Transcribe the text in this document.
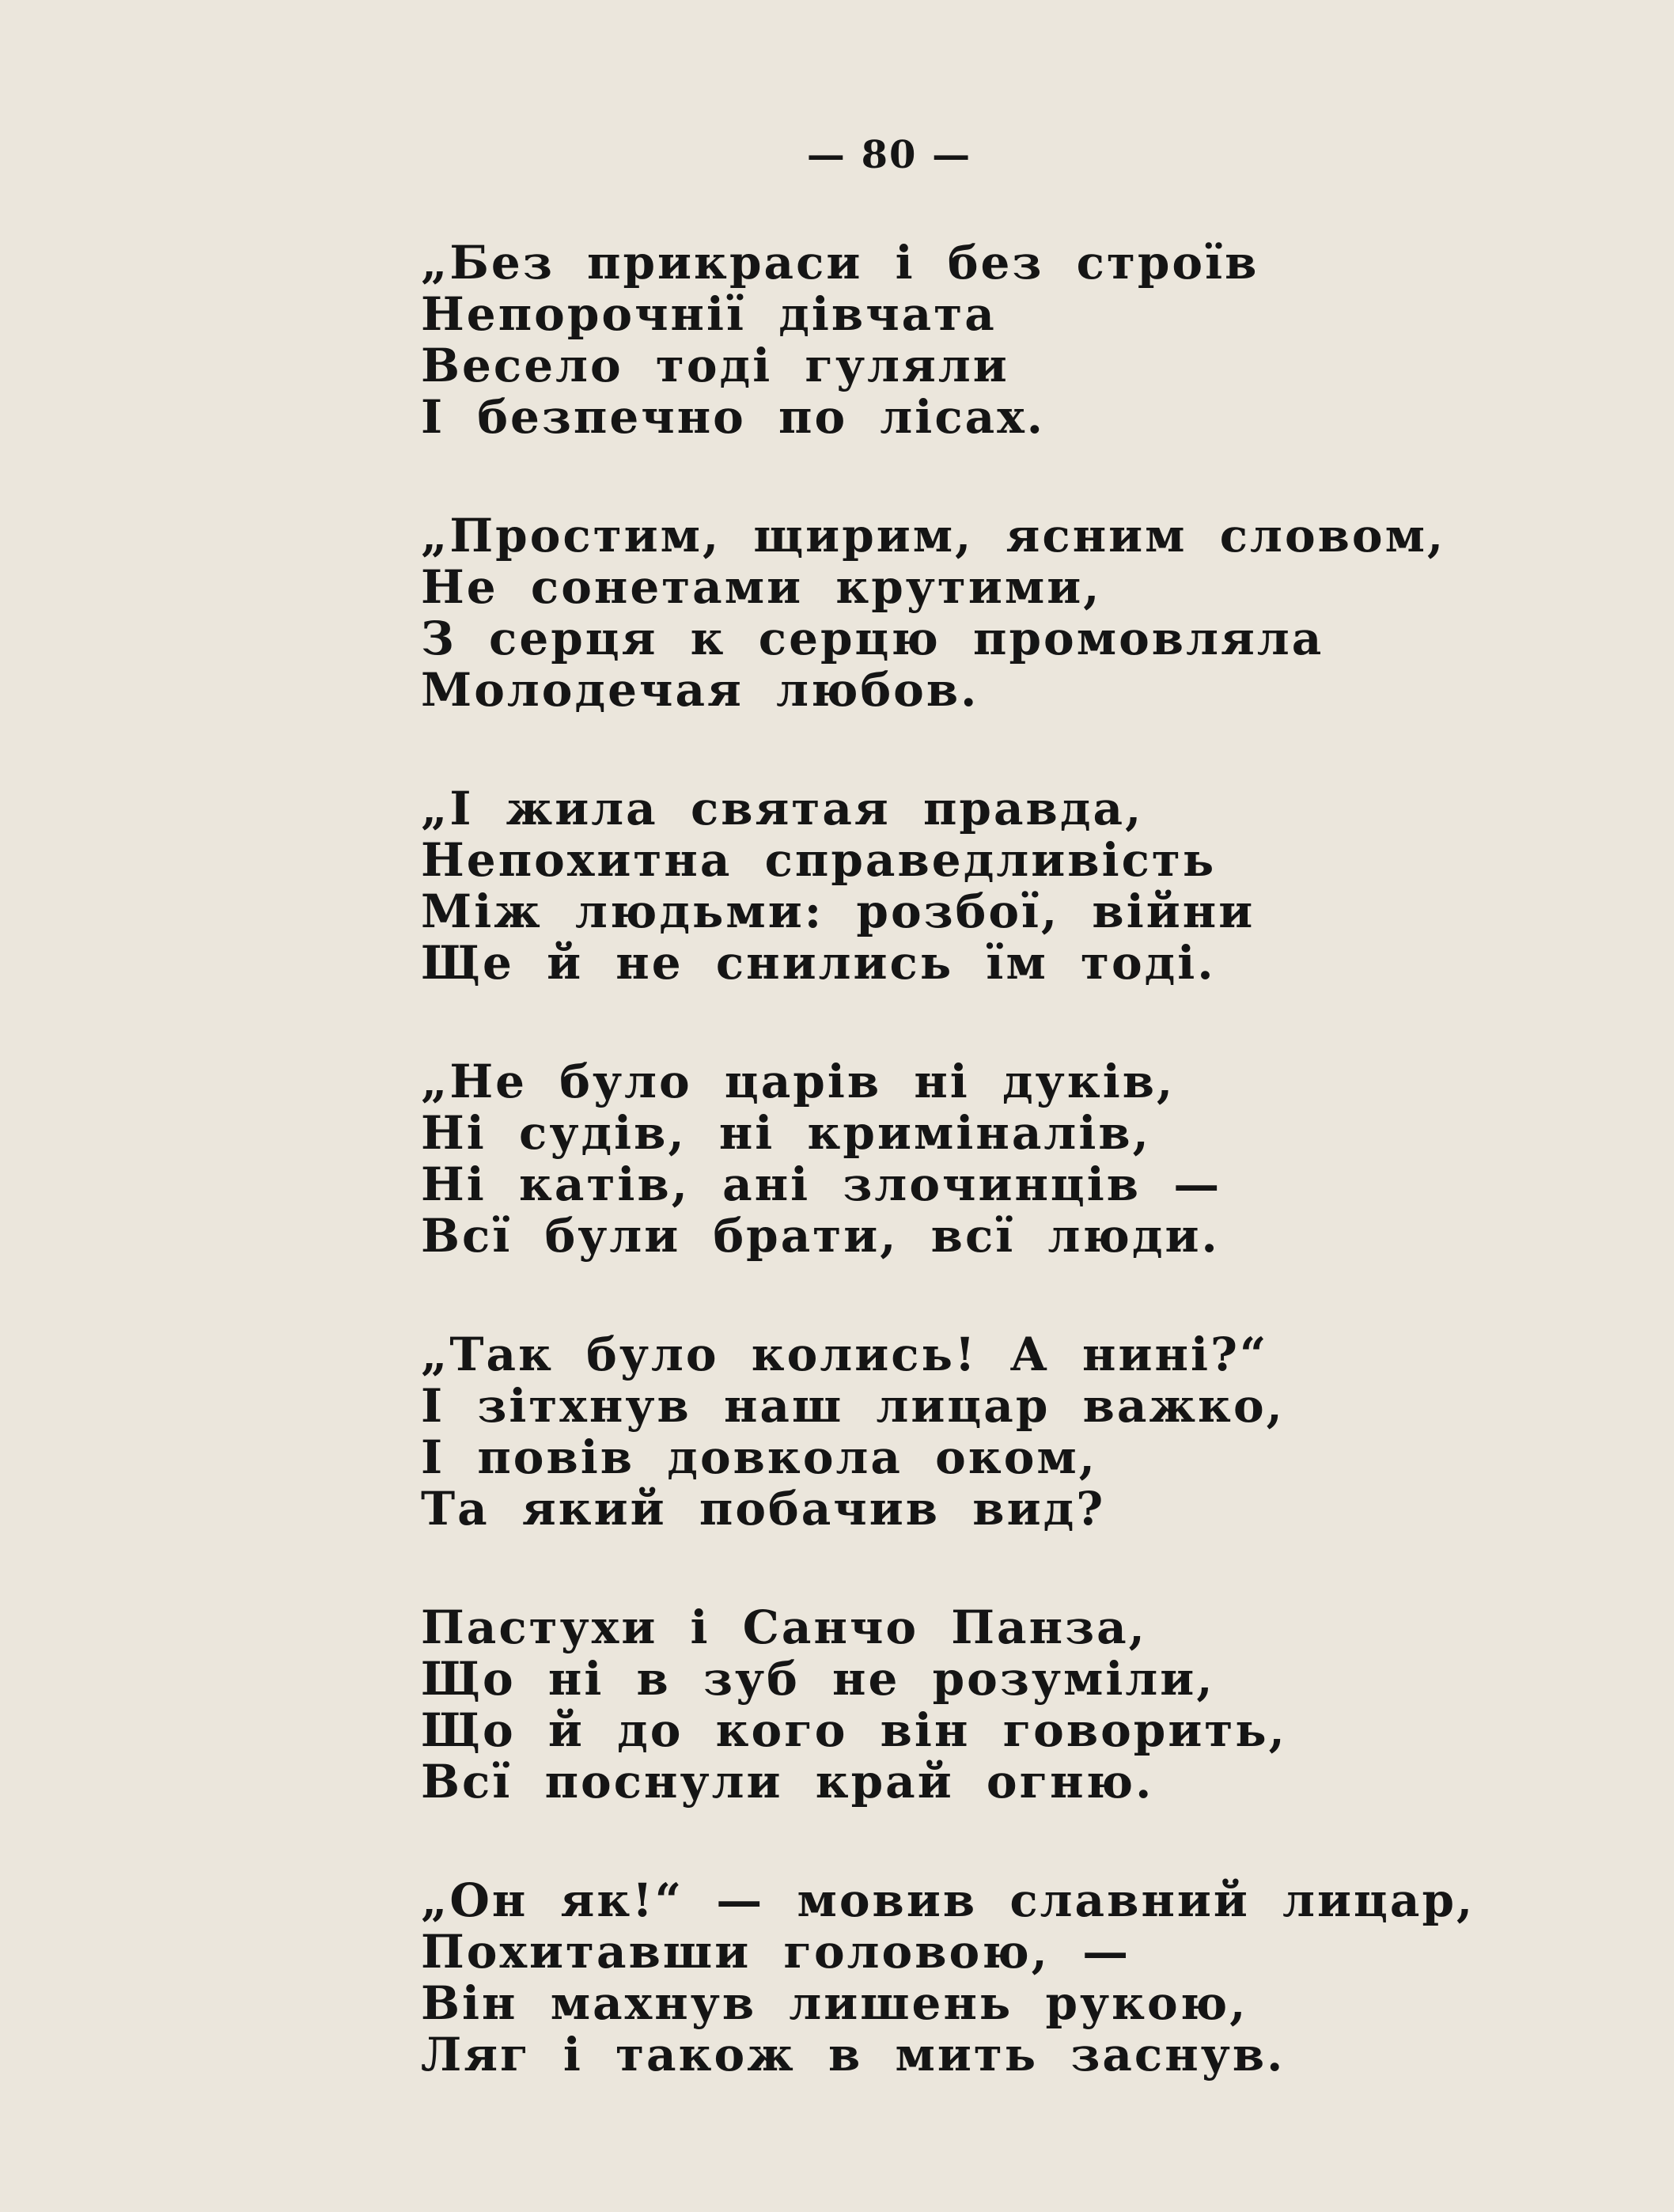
— 80 —
„Без прикраси і без строїв
Непорочнії дівчата
Весело тоді гуляли
І безпечно по лісах.
„Простим, щирим, ясним словом,
Не сонетами крутими,
З серця к серцю промовляла
Молодечая любов.
„І жила святая правда,
Непохитна справедливість
Між людьми: розбої, війни
Ще й не снились їм тоді.
„Не було царів ні дуків,
Ні судів, ні кримiналів,
Ні катів, ані злочинців —
Всї були брати, всї люди.
„Так було колись! А нині?“
І зітхнув наш лицар важко,
І повів довкола оком,
Та який побачив вид?
Пастухи і Санчо Панза,
Що ні в зуб не розуміли,
Що й до кого він говорить,
Всї поснули край огню.
„Он як!“ — мовив славний лицар,
Похитавши головою, —
Він махнув лишень рукою,
Ляг і також в мить заснув.
